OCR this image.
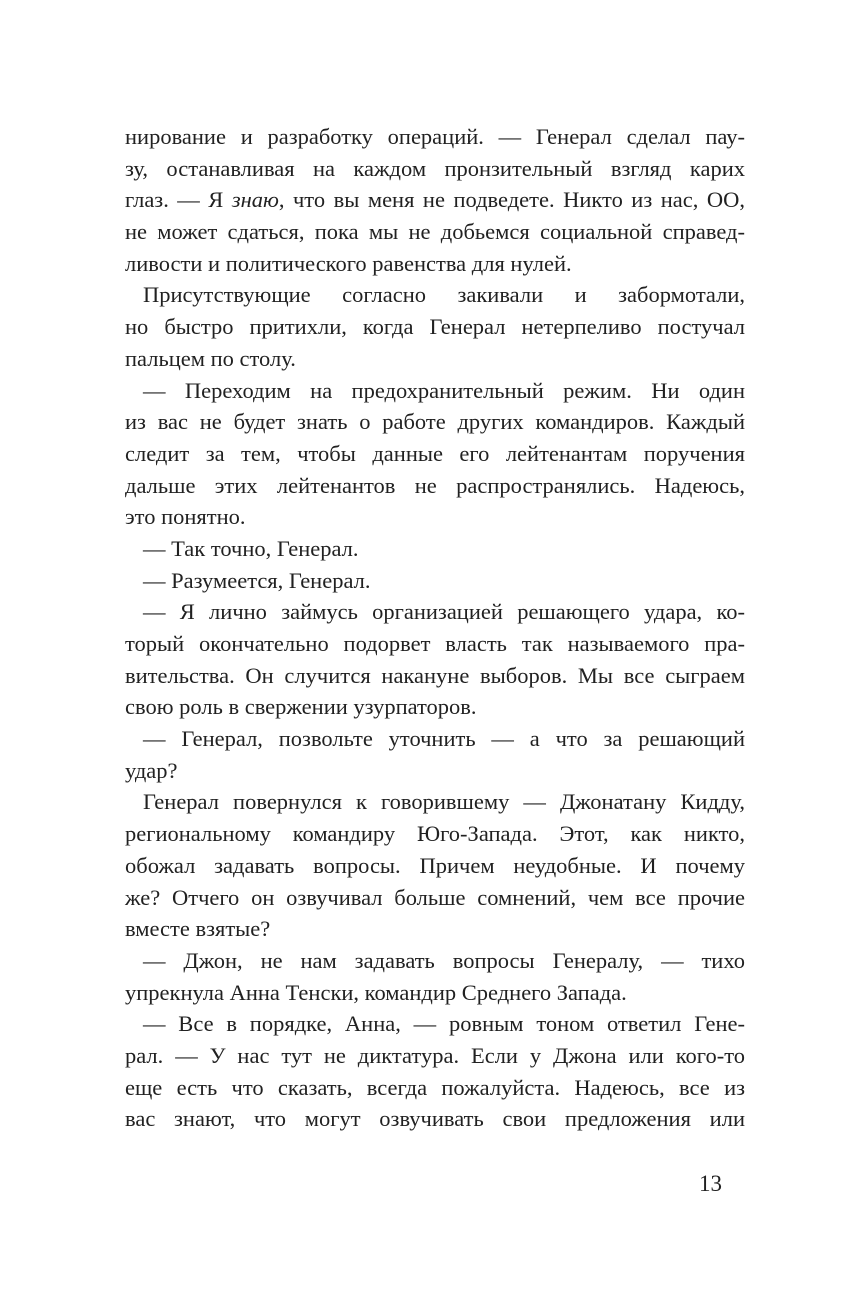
нирование и разработку операций. — Генерал сделал пау-
зу, останавливая на каждом пронзительный взгляд карих
глаз. — Я знаю, что вы меня не подведете. Никто из нас, ОО,
не может сдаться, пока мы не добьемся социальной справед-
ливости и политического равенства для нулей.
Присутствующие согласно закивали и забормотали,
но быстро притихли, когда Генерал нетерпеливо постучал
пальцем по столу.
— Переходим на предохранительный режим. Ни один
из вас не будет знать о работе других командиров. Каждый
следит за тем, чтобы данные его лейтенантам поручения
дальше этих лейтенантов не распространялись. Надеюсь,
это понятно.
— Так точно, Генерал.
— Разумеется, Генерал.
— Я лично займусь организацией решающего удара, ко-
торый окончательно подорвет власть так называемого пра-
вительства. Он случится накануне выборов. Мы все сыграем
свою роль в свержении узурпаторов.
— Генерал, позвольте уточнить — а что за решающий
удар?
Генерал повернулся к говорившему — Джонатану Кидду,
региональному командиру Юго-Запада. Этот, как никто,
обожал задавать вопросы. Причем неудобные. И почему
же? Отчего он озвучивал больше сомнений, чем все прочие
вместе взятые?
— Джон, не нам задавать вопросы Генералу, — тихо
упрекнула Анна Тенски, командир Среднего Запада.
— Все в порядке, Анна, — ровным тоном ответил Гене-
рал. — У нас тут не диктатура. Если у Джона или кого-то
еще есть что сказать, всегда пожалуйста. Надеюсь, все из
вас знают, что могут озвучивать свои предложения или
13
